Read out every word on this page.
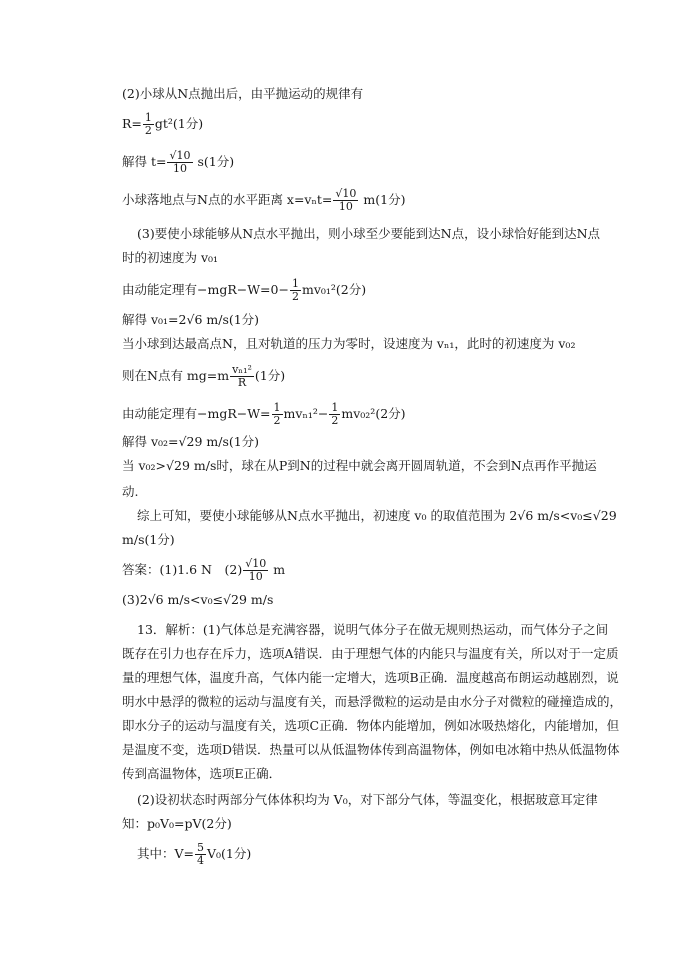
(2)小球从N点抛出后，由平抛运动的规律有
$R= \frac{1}{2} gt^2(1$分)
解得 $t= \frac{√10}{10} s(1$分)
小球落地点与N点的水平距离 $x=v_nt= \frac{√10}{10} m(1$分)
(3)要使小球能够从N点水平抛出，则小球至少要能到达N点，设小球恰好能到达N点
时的初速度为 v₀₁
由动能定理有$-mgR-W=0- \frac{1}{2} mv_{01}^2(2$分)
解得 v₀₁=2√6 m/s(1分)
当小球到达最高点N，且对轨道的压力为零时，设速度为 vₙ₁，此时的初速度为 v₀₂
则在N点有 $mg=m \frac{\text{vₙ₁²}}{R} (1$分)
由动能定理有$-mgR-W= \frac{1}{2} mv_{n1}^2- \frac{1}{2} mv_{02}^2(2$分)
解得 v₀₂=√29 m/s(1分)
当 v₀₂>√29 m/s时，球在从P到N的过程中就会离开圆周轨道，不会到N点再作平抛运
动.
综上可知，要使小球能够从N点水平抛出，初速度 v₀ 的取值范围为 2√6 m/s<v₀≤√29
m/s(1分)
答案：(1)1.6 N　$(2) \frac{√10}{10}$ m
(3)2√6 m/s<v₀≤√29 m/s
13．解析：(1)气体总是充满容器，说明气体分子在做无规则热运动，而气体分子之间
既存在引力也存在斥力，选项A错误．由于理想气体的内能只与温度有关，所以对于一定质
量的理想气体，温度升高，气体内能一定增大，选项B正确．温度越高布朗运动越剧烈，说
明水中悬浮的微粒的运动与温度有关，而悬浮微粒的运动是由水分子对微粒的碰撞造成的，
即水分子的运动与温度有关，选项C正确．物体内能增加，例如冰吸热熔化，内能增加，但
是温度不变，选项D错误．热量可以从低温物体传到高温物体，例如电冰箱中热从低温物体
传到高温物体，选项E正确．
(2)设初状态时两部分气体体积均为 V₀，对下部分气体，等温变化，根据玻意耳定律
知：p₀V₀=pV(2分)
其中：$V= \frac{5}{4} V_0(1$分)
